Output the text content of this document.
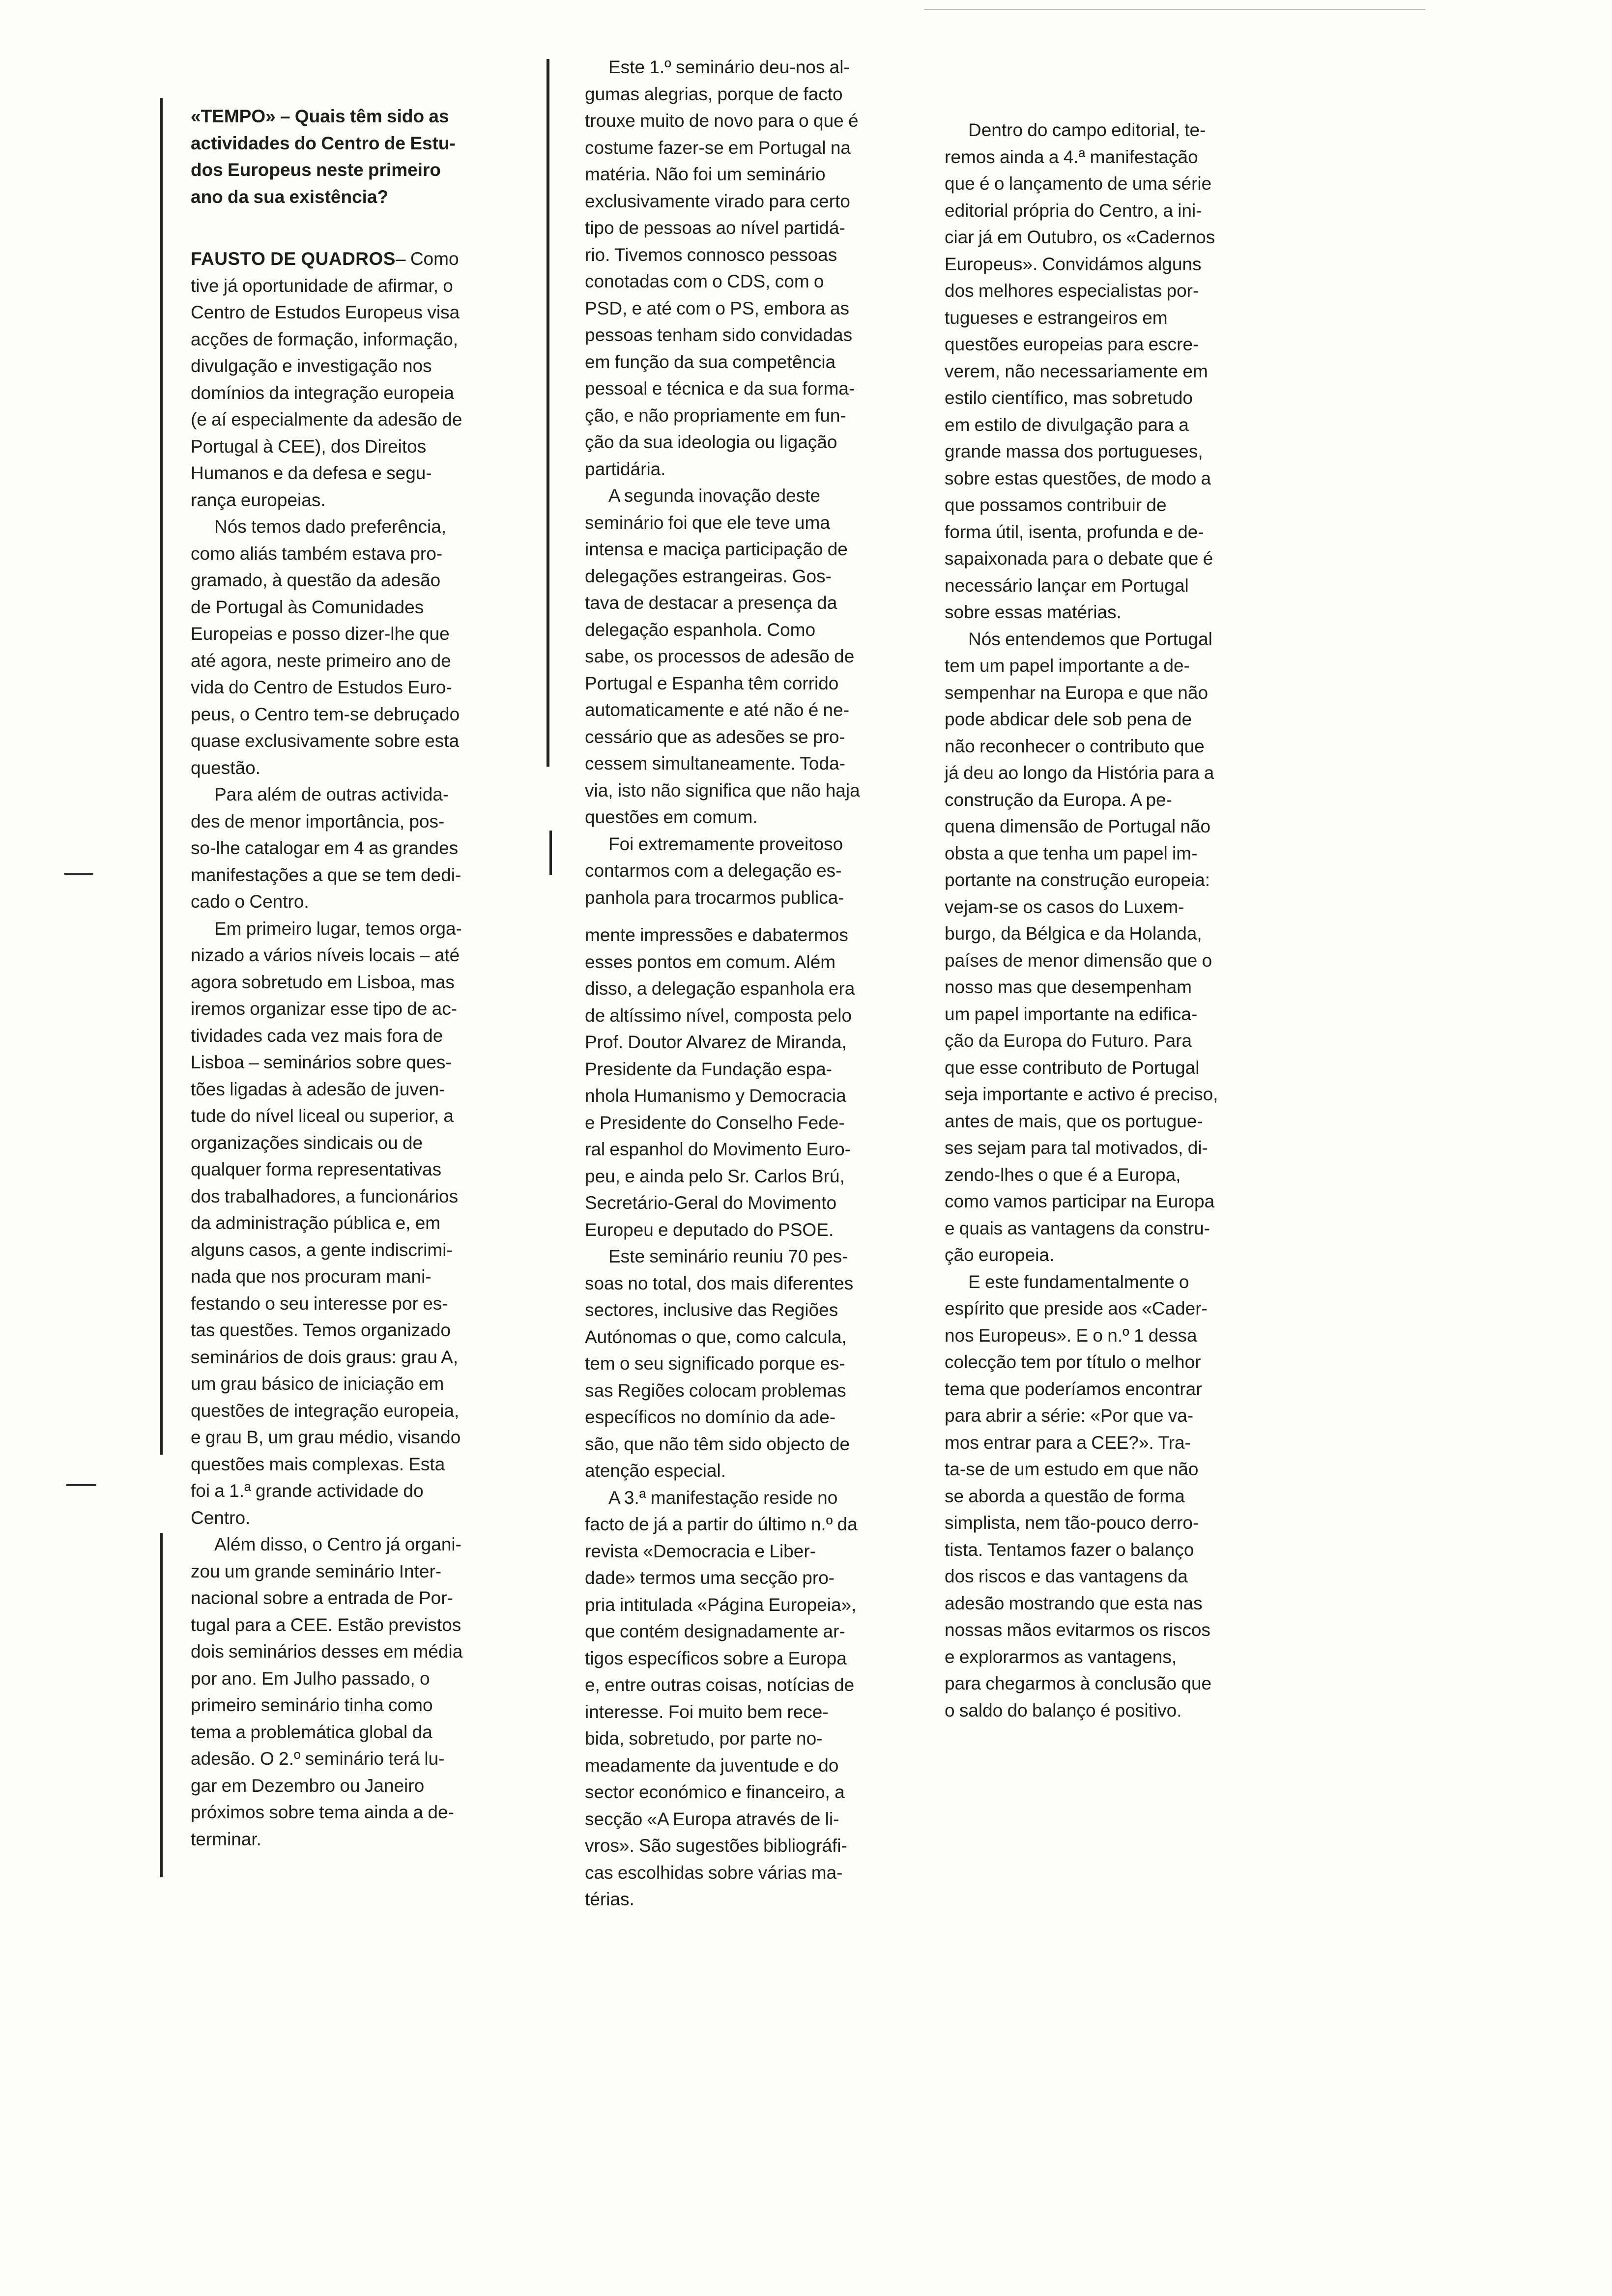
«TEMPO» – Quais têm sido as
actividades do Centro de Estu-
dos Europeus neste primeiro
ano da sua existência?

FAUSTO DE QUADROS– Como
tive já oportunidade de afirmar, o
Centro de Estudos Europeus visa
acções de formação, informação,
divulgação e investigação nos
domínios da integração europeia
(e aí especialmente da adesão de
Portugal à CEE), dos Direitos
Humanos e da defesa e segu-
rança europeias.

Nós temos dado preferência,
como aliás também estava pro-
gramado, à questão da adesão
de Portugal às Comunidades
Europeias e posso dizer-lhe que
até agora, neste primeiro ano de
vida do Centro de Estudos Euro-
peus, o Centro tem-se debruçado
quase exclusivamente sobre esta
questão.

Para além de outras activida-
des de menor importância, pos-
so-lhe catalogar em 4 as grandes
manifestações a que se tem dedi-
cado o Centro.

Em primeiro lugar, temos orga-
nizado a vários níveis locais – até
agora sobretudo em Lisboa, mas
iremos organizar esse tipo de ac-
tividades cada vez mais fora de
Lisboa – seminários sobre ques-
tões ligadas à adesão de juven-
tude do nível liceal ou superior, a
organizações sindicais ou de
qualquer forma representativas
dos trabalhadores, a funcionários
da administração pública e, em
alguns casos, a gente indiscrimi-
nada que nos procuram mani-
festando o seu interesse por es-
tas questões. Temos organizado
seminários de dois graus: grau A,
um grau básico de iniciação em
questões de integração europeia,
e grau B, um grau médio, visando
questões mais complexas. Esta
foi a 1.ª grande actividade do
Centro.

Além disso, o Centro já organi-
zou um grande seminário Inter-
nacional sobre a entrada de Por-
tugal para a CEE. Estão previstos
dois seminários desses em média
por ano. Em Julho passado, o
primeiro seminário tinha como
tema a problemática global da
adesão. O 2.º seminário terá lu-
gar em Dezembro ou Janeiro
próximos sobre tema ainda a de-
terminar.

Este 1.º seminário deu-nos al-
gumas alegrias, porque de facto
trouxe muito de novo para o que é
costume fazer-se em Portugal na
matéria. Não foi um seminário
exclusivamente virado para certo
tipo de pessoas ao nível partidá-
rio. Tivemos connosco pessoas
conotadas com o CDS, com o
PSD, e até com o PS, embora as
pessoas tenham sido convidadas
em função da sua competência
pessoal e técnica e da sua forma-
ção, e não propriamente em fun-
ção da sua ideologia ou ligação
partidária.

A segunda inovação deste
seminário foi que ele teve uma
intensa e maciça participação de
delegações estrangeiras. Gos-
tava de destacar a presença da
delegação espanhola. Como
sabe, os processos de adesão de
Portugal e Espanha têm corrido
automaticamente e até não é ne-
cessário que as adesões se pro-
cessem simultaneamente. Toda-
via, isto não significa que não haja
questões em comum.

Foi extremamente proveitoso
contarmos com a delegação es-
panhola para trocarmos publica-

mente impressões e dabatermos
esses pontos em comum. Além
disso, a delegação espanhola era
de altíssimo nível, composta pelo
Prof. Doutor Alvarez de Miranda,
Presidente da Fundação espa-
nhola Humanismo y Democracia
e Presidente do Conselho Fede-
ral espanhol do Movimento Euro-
peu, e ainda pelo Sr. Carlos Brú,
Secretário-Geral do Movimento
Europeu e deputado do PSOE.

Este seminário reuniu 70 pes-
soas no total, dos mais diferentes
sectores, inclusive das Regiões
Autónomas o que, como calcula,
tem o seu significado porque es-
sas Regiões colocam problemas
específicos no domínio da ade-
são, que não têm sido objecto de
atenção especial.

A 3.ª manifestação reside no
facto de já a partir do último n.º da
revista «Democracia e Liber-
dade» termos uma secção pro-
pria intitulada «Página Europeia»,
que contém designadamente ar-
tigos específicos sobre a Europa
e, entre outras coisas, notícias de
interesse. Foi muito bem rece-
bida, sobretudo, por parte no-
meadamente da juventude e do
sector económico e financeiro, a
secção «A Europa através de li-
vros». São sugestões bibliográfi-
cas escolhidas sobre várias ma-
térias.

Dentro do campo editorial, te-
remos ainda a 4.ª manifestação
que é o lançamento de uma série
editorial própria do Centro, a ini-
ciar já em Outubro, os «Cadernos
Europeus». Convidámos alguns
dos melhores especialistas por-
tugueses e estrangeiros em
questões europeias para escre-
verem, não necessariamente em
estilo científico, mas sobretudo
em estilo de divulgação para a
grande massa dos portugueses,
sobre estas questões, de modo a
que possamos contribuir de
forma útil, isenta, profunda e de-
sapaixonada para o debate que é
necessário lançar em Portugal
sobre essas matérias.

Nós entendemos que Portugal
tem um papel importante a de-
sempenhar na Europa e que não
pode abdicar dele sob pena de
não reconhecer o contributo que
já deu ao longo da História para a
construção da Europa. A pe-
quena dimensão de Portugal não
obsta a que tenha um papel im-
portante na construção europeia:
vejam-se os casos do Luxem-
burgo, da Bélgica e da Holanda,
países de menor dimensão que o
nosso mas que desempenham
um papel importante na edifica-
ção da Europa do Futuro. Para
que esse contributo de Portugal
seja importante e activo é preciso,
antes de mais, que os portugue-
ses sejam para tal motivados, di-
zendo-lhes o que é a Europa,
como vamos participar na Europa
e quais as vantagens da constru-
ção europeia.

E este fundamentalmente o
espírito que preside aos «Cader-
nos Europeus». E o n.º 1 dessa
colecção tem por título o melhor
tema que poderíamos encontrar
para abrir a série: «Por que va-
mos entrar para a CEE?». Tra-
ta-se de um estudo em que não
se aborda a questão de forma
simplista, nem tão-pouco derro-
tista. Tentamos fazer o balanço
dos riscos e das vantagens da
adesão mostrando que esta nas
nossas mãos evitarmos os riscos
e explorarmos as vantagens,
para chegarmos à conclusão que
o saldo do balanço é positivo.
